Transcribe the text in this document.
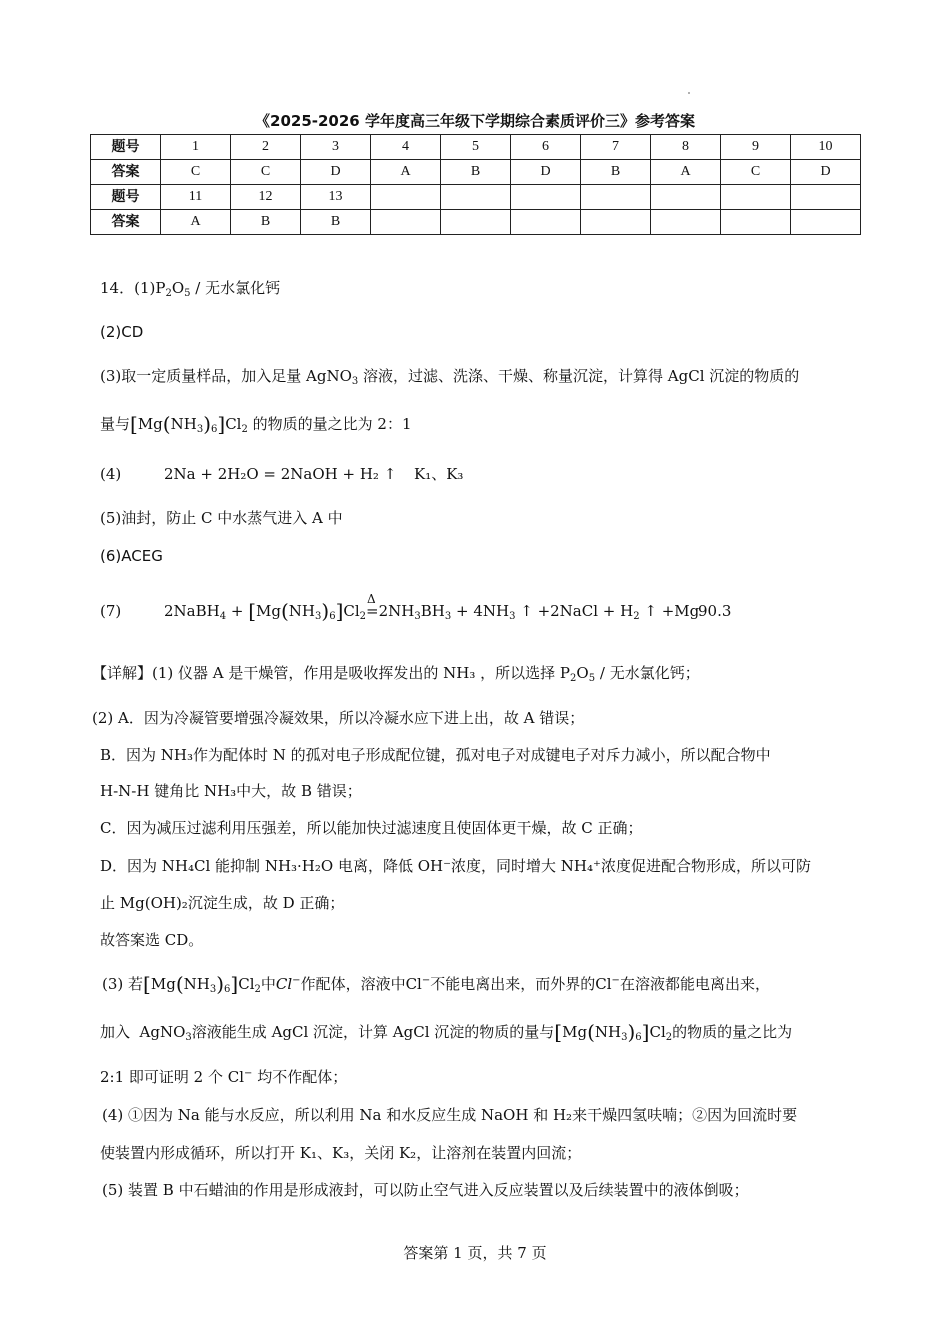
《2025-2026 学年度高三年级下学期综合素质评价三》参考答案
题号	1	2	3	4	5	6	7	8	9	10
答案	C	C	D	A	B	D	B	A	C	D
题号	11	12	13							
答案	A	B	B							
14．$(1)P_2O_5$ / 无水氯化钙
(2)CD
(3)取一定质量样品，加入足量 AgNO$_3$ 溶液，过滤、洗涤、干燥、称量沉淀，计算得 AgCl 沉淀的物质的
量与$[Mg(NH_3)_6]Cl_2$ 的物质的量之比为 2：1
(4)	2Na + 2H₂O = 2NaOH + H₂ ↑ K₁、K₃
(5)油封，防止 C 中水蒸气进入 A 中
(6)ACEG
(7)	2NaBH$_4$ + $[Mg(NH_3)_6]Cl_2$
Δ
$=2NH_3BH_3 + 4NH_3$ ↑ +2NaCl + $H_2$ ↑ +Mg
90.3
【详解】(1) 仪器 A 是干燥管，作用是吸收挥发出的 NH₃ ，所以选择 $P_2O_5$ / 无水氯化钙；
(2) A．因为冷凝管要增强冷凝效果，所以冷凝水应下进上出，故 A 错误；
B．因为 NH₃作为配体时 N 的孤对电子形成配位键，孤对电子对成键电子对斥力减小，所以配合物中
H-N-H 键角比 NH₃中大，故 B 错误；
C．因为减压过滤利用压强差，所以能加快过滤速度且使固体更干燥，故 C 正确；
D．因为 NH₄Cl 能抑制 NH₃·H₂O 电离，降低 OH⁻浓度，同时增大 NH₄⁺浓度促进配合物形成，所以可防
止 Mg(OH)₂沉淀生成，故 D 正确；
故答案选 CD。
(3) 若$[Mg(NH_3)_6]Cl_2$中Cl−作配体，溶液中Cl−不能电离出来，而外界的Cl−在溶液都能电离出来，
加入  AgNO$_3$溶液能生成 AgCl 沉淀，计算 AgCl 沉淀的物质的量与$[Mg(NH_3)_6]Cl_2$的物质的量之比为
2:1 即可证明 2 个 Cl− 均不作配体；
(4) ①因为 Na 能与水反应，所以利用 Na 和水反应生成 NaOH 和 H₂来干燥四氢呋喃；②因为回流时要
使装置内形成循环，所以打开 K₁、K₃，关闭 K₂，让溶剂在装置内回流；
(5) 装置 B 中石蜡油的作用是形成液封，可以防止空气进入反应装置以及后续装置中的液体倒吸；
答案第 1 页，共 7 页
